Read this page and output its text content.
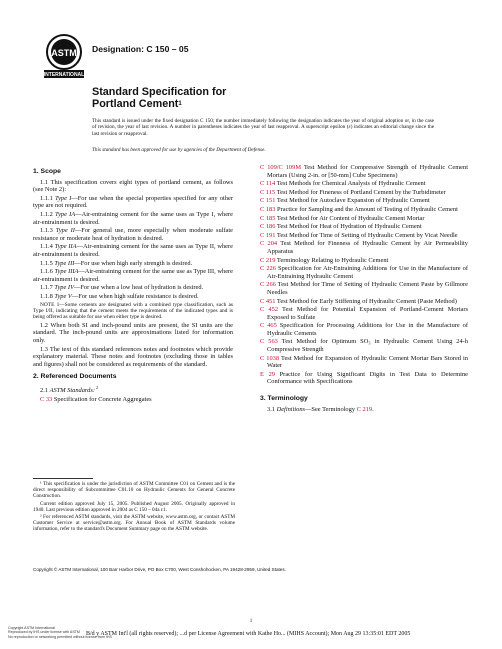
ASTM
INTERNATIONAL
Designation: C 150 – 05
Standard Specification for
Portland Cement$^1$

This standard is issued under the fixed designation C 150; the number immediately following the designation indicates the year of original adoption or, in the case of revision, the year of last revision. A number in parentheses indicates the year of last reapproval. A superscript epsilon (ε) indicates an editorial change since the last revision or reapproval.

This standard has been approved for use by agencies of the Department of Defense.

1. Scope

1.1 This specification covers eight types of portland cement, as follows (see Note 2):

1.1.1 Type I—For use when the special properties specified for any other type are not required.

1.1.2 Type IA—Air-entraining cement for the same uses as Type I, where air-entrainment is desired.

1.1.3 Type II—For general use, more especially when moderate sulfate resistance or moderate heat of hydration is desired.

1.1.4 Type IIA—Air-entraining cement for the same uses as Type II, where air-entrainment is desired.

1.1.5 Type III—For use when high early strength is desired.

1.1.6 Type IIIA—Air-entraining cement for the same use as Type III, where air-entrainment is desired.

1.1.7 Type IV—For use when a low heat of hydration is desired.

1.1.8 Type V—For use when high sulfate resistance is desired.

NOTE 1—Some cements are designated with a combined type classification, such as Type I/II, indicating that the cement meets the requirements of the indicated types and is being offered as suitable for use when either type is desired.

1.2 When both SI and inch-pound units are present, the SI units are the standard. The inch-pound units are approximations listed for information only.

1.3 The text of this standard references notes and footnotes which provide explanatory material. These notes and footnotes (excluding those in tables and figures) shall not be considered as requirements of the standard.

2. Referenced Documents

2.1 ASTM Standards: $^2$

C 33 Specification for Concrete Aggregates

C 109/C 109M Test Method for Compressive Strength of Hydraulic Cement Mortars (Using 2-in. or [50-mm] Cube Specimens)

C 114 Test Methods for Chemical Analysis of Hydraulic Cement

C 115 Test Method for Fineness of Portland Cement by the Turbidimeter

C 151 Test Method for Autoclave Expansion of Hydraulic Cement

C 183 Practice for Sampling and the Amount of Testing of Hydraulic Cement

C 185 Test Method for Air Content of Hydraulic Cement Mortar

C 186 Test Method for Heat of Hydration of Hydraulic Cement

C 191 Test Method for Time of Setting of Hydraulic Cement by Vicat Needle

C 204 Test Method for Fineness of Hydraulic Cement by Air Permeability Apparatus

C 219 Terminology Relating to Hydraulic Cement

C 226 Specification for Air-Entraining Additions for Use in the Manufacture of Air-Entraining Hydraulic Cement

C 266 Test Method for Time of Setting of Hydraulic Cement Paste by Gillmore Needles

C 451 Test Method for Early Stiffening of Hydraulic Cement (Paste Method)

C 452 Test Method for Potential Expansion of Portland-Cement Mortars Exposed to Sulfate

C 465 Specification for Processing Additions for Use in the Manufacture of Hydraulic Cements

C 563 Test Method for Optimum SO₃ in Hydraulic Cement Using 24-h Compressive Strength

C 1038 Test Method for Expansion of Hydraulic Cement Mortar Bars Stored in Water

E 29 Practice for Using Significant Digits in Test Data to Determine Conformance with Specifications

3. Terminology

3.1 Definitions—See Terminology C 219.

¹ This specification is under the jurisdiction of ASTM Committee C01 on Cement and is the direct responsibility of Subcommittee C01.10 on Hydraulic Cements for General Concrete Construction.

Current edition approved July 15, 2005. Published August 2005. Originally approved in 1940. Last previous edition approved in 2004 as C 150 – 04a ε1.

² For referenced ASTM standards, visit the ASTM website, www.astm.org, or contact ASTM Customer Service at service@astm.org. For Annual Book of ASTM Standards volume information, refer to the standard's Document Summary page on the ASTM website.

Copyright © ASTM International, 100 Barr Harbor Drive, PO Box C700, West Conshohocken, PA 19428-2959, United States.
1
Copyright ASTM International
Reproduced by IHS under license with ASTM
No reproduction or networking permitted without license from IHS
B/d y ASTM Int'l (all rights reserved); ...d per License Agreement with Kathe Ho... (MIHS Account); Mon Aug 29 13:35:01 EDT 2005
